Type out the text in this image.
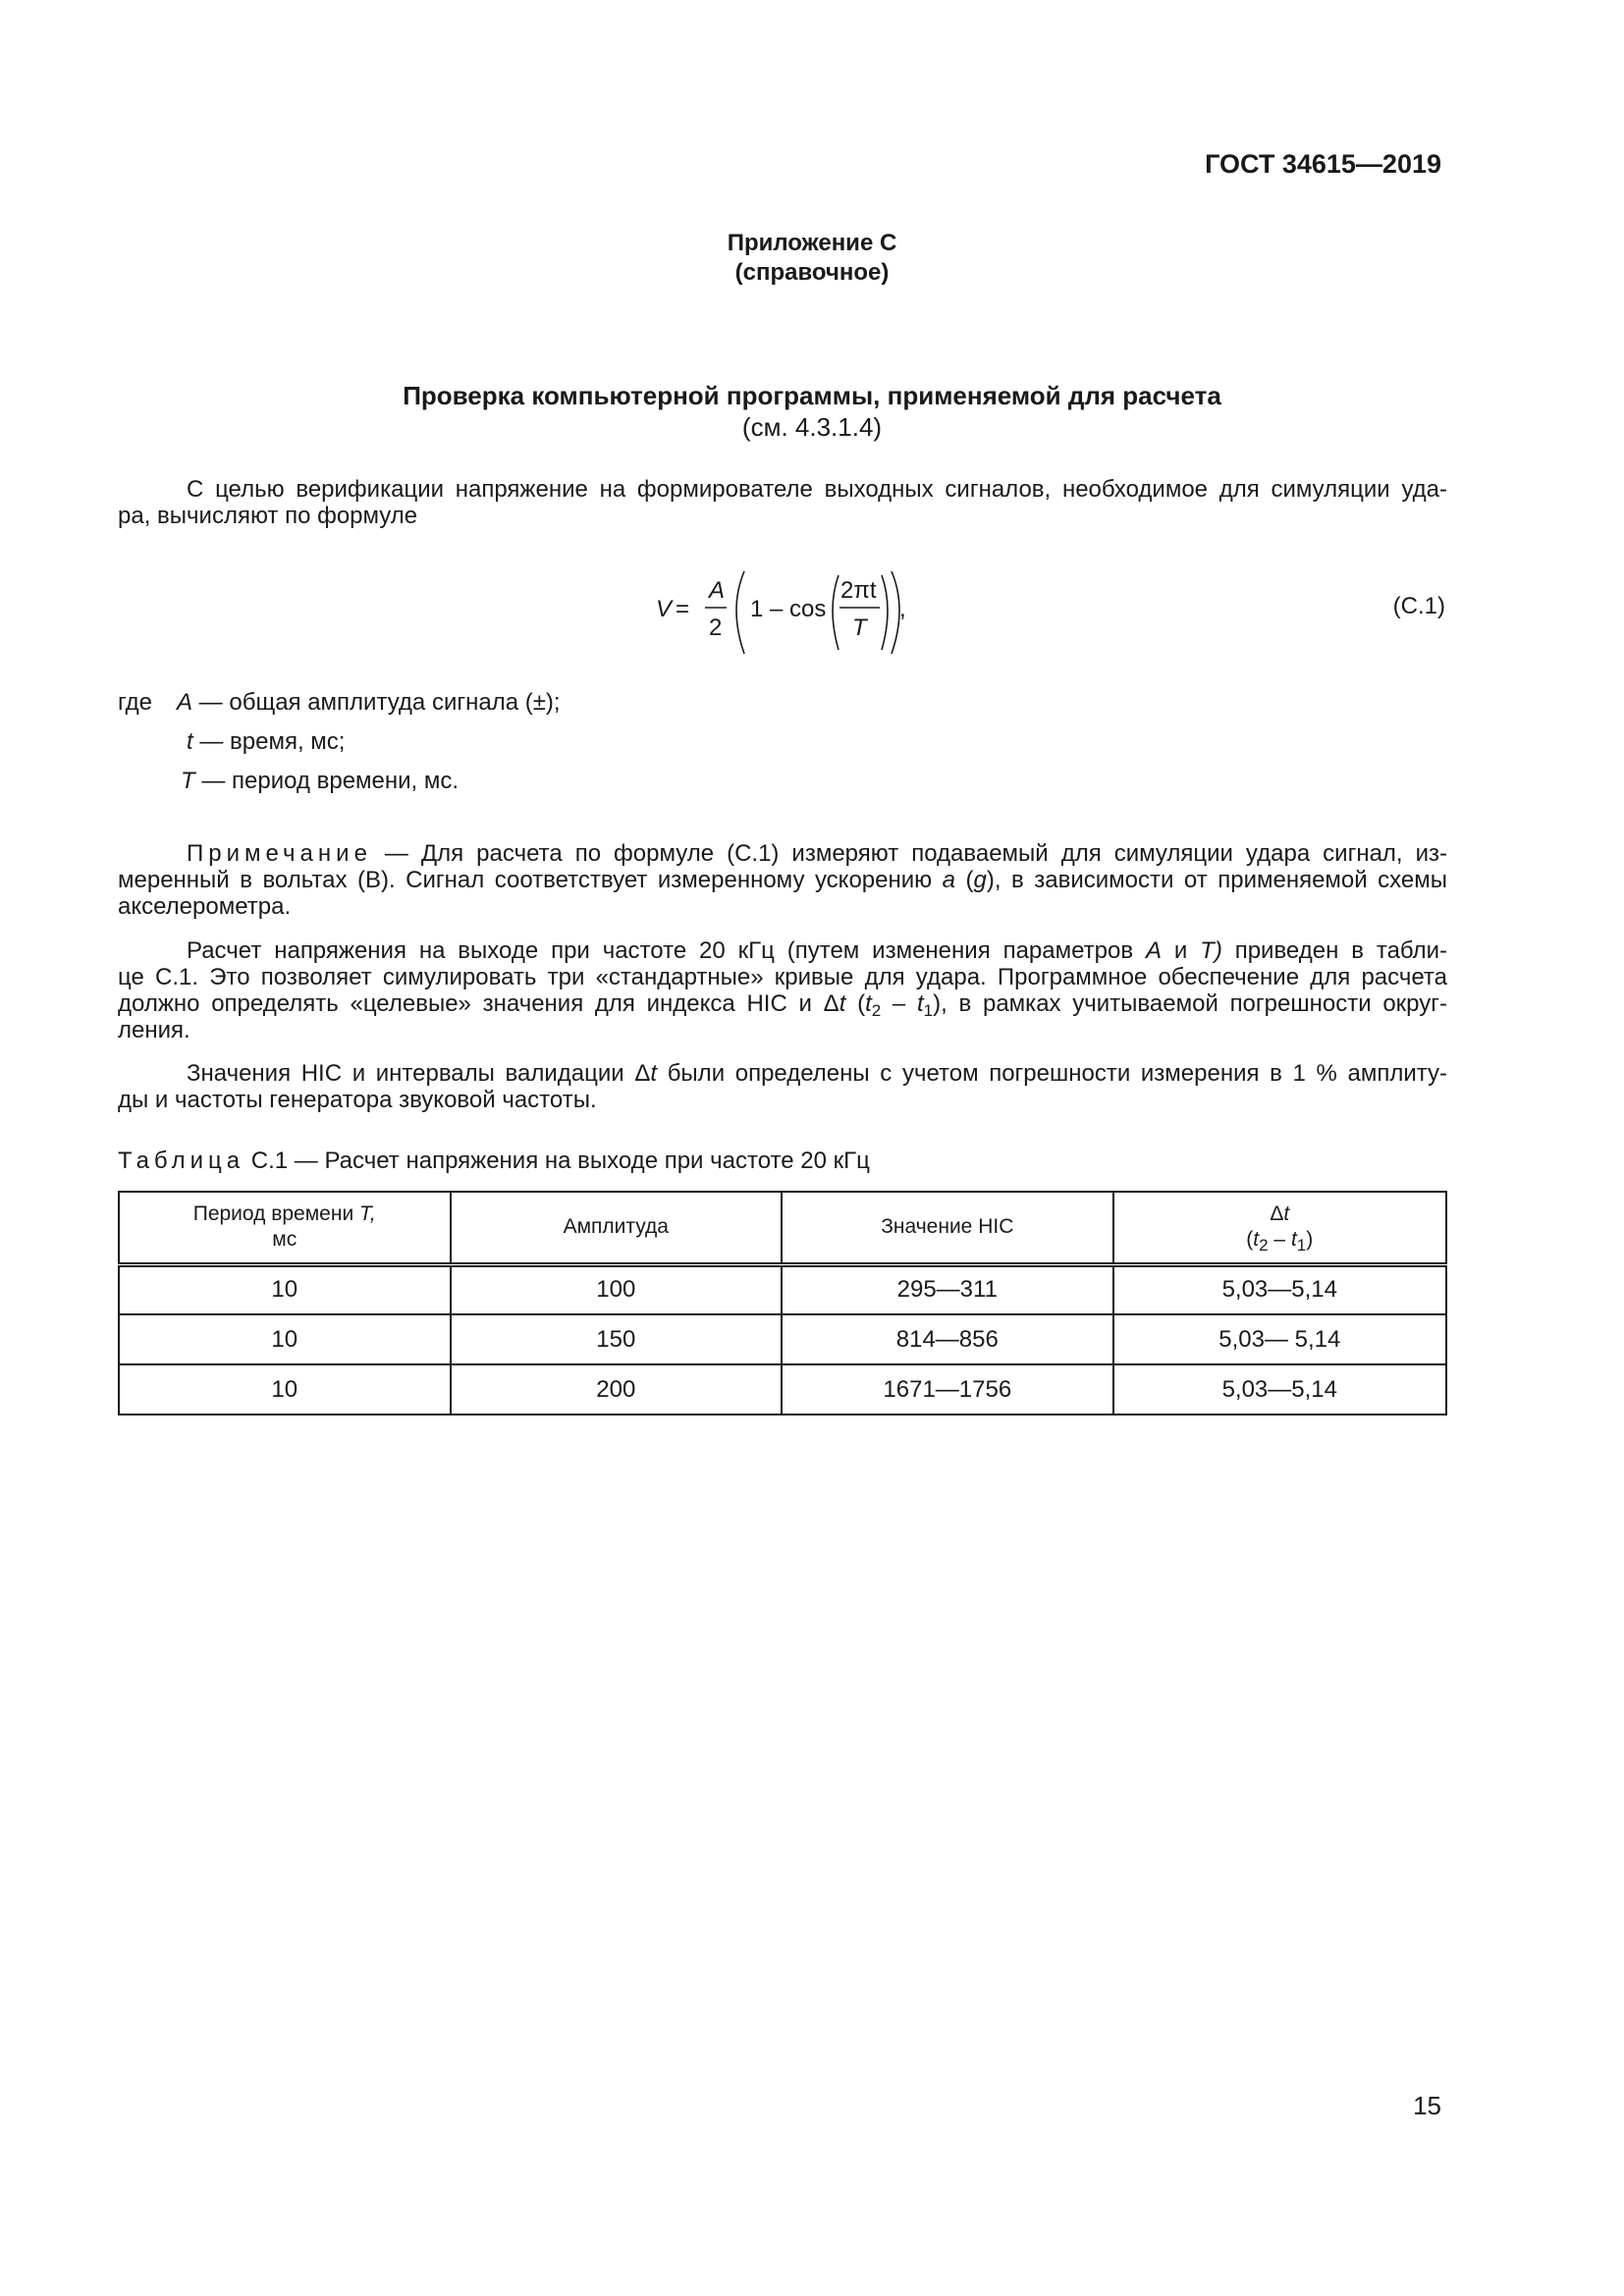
ГОСТ 34615—2019
Приложение С
(справочное)
Проверка компьютерной программы, применяемой для расчета
(см. 4.3.1.4)
С целью верификации напряжение на формирователе выходных сигналов, необходимое для симуляции уда-
ра, вычисляют по формуле
V =
A
2
1 – cos
2πt
T
,	(С.1)
где A — общая амплитуда сигнала (±);
t — время, мс;
T — период времени, мс.
Примечание — Для расчета по формуле (С.1) измеряют подаваемый для симуляции удара сигнал, из-
меренный в вольтах (В). Сигнал соответствует измеренному ускорению a (g), в зависимости от применяемой схемы
акселерометра.
Расчет напряжения на выходе при частоте 20 кГц (путем изменения параметров A и T) приведен в табли-
це С.1. Это позволяет симулировать три «стандартные» кривые для удара. Программное обеспечение для расчета
должно определять «целевые» значения для индекса HIC и Δt $(t_2 - t_1)$, в рамках учитываемой погрешности округ-
ления.
Значения HIC и интервалы валидации Δt были определены с учетом погрешности измерения в 1 % амплиту-
ды и частоты генератора звуковой частоты.
Таблица С.1 — Расчет напряжения на выходе при частоте 20 кГц
Период времени T,
мс	Амплитуда	Значение HIC	Δt
$(t_2 - t_1)$
10	100	295—311	5,03—5,14
10	150	814—856	5,03— 5,14
10	200	1671—1756	5,03—5,14
15
